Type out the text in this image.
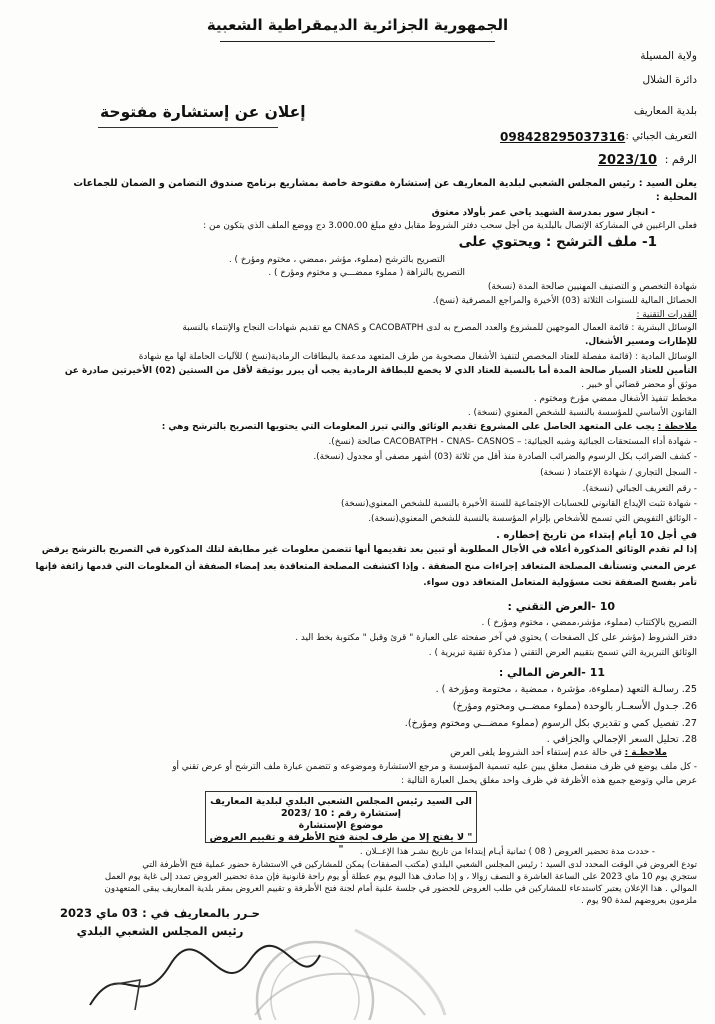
الجمهورية الجزائرية الديمقراطية الشعبية
ولاية المسيلة
دائرة الشلال
بلدية المعاريف
إعلان عن إستشارة مفتوحة
التعريف الجبائي :
098428295037316
الرقم :
2023/10
يعلن السيد : رئيس المجلس الشعبي لبلدية المعاريف عن إستشارة مفتوحة خاصة بمشاريع برنامج صندوق التضامن و الضمان للجماعات
المحلية :
- انجاز سور بمدرسة الشهيد ياحي عمر بأولاد معتوق
فعلى الراغبين في المشاركة الإتصال بالبلدية من أجل سحب دفتر الشروط مقابل دفع مبلغ 3.000.00 دج ووضع الملف الذي يتكون من :
1- ملف الترشح : ويحتوي على
التصريح بالترشح (مملوء، مؤشر ،ممضي ، مختوم ومؤرخ ) .
التصريح بالنزاهة ( مملوء ممضـــي و مختوم ومؤرخ ) .
شهادة التخصص و التصنيف المهنيين صالحة المدة (نسخة)
الحصائل المالية للسنوات الثلاثة (03) الأخيرة والمراجع المصرفية (نسخ).
القدرات التقنية :
الوسائل البشرية : قائمة العمال الموجهين للمشروع والعدد المصرح به لدى CACOBATPH و CNAS مع تقديم شهادات النجاح والإنتماء بالنسبة
للإطارات ومسير الأشغال.
الوسائل المادية : (قائمة مفصلة للعتاد المخصص لتنفيذ الأشغال مصحوبة من طرف المتعهد مدعمة بالبطاقات الرمادية(نسخ ) للآليات الحاملة لها مع شهادة
التأمين للعتاد السيار صالحة المدة أما بالنسبة للعتاد الذي لا يخضع للبطاقة الرمادية يجب أن يبرر بوثيقة لأقل من السنتين (02) الأخيرتين صادرة عن
موثق أو محضر قضائي أو خبير .
مخطط تنفيذ الأشغال ممضي مؤرخ ومختوم .
القانون الأساسي للمؤسسة بالنسبة للشخص المعنوي (نسخة) .
ملاحظة : يجب على المتعهد الحاصل على المشروع تقديم الوثائق والتي تبرز المعلومات التي يحتويها التصريح بالترشح وهي :
- شهادة أداء المستحقات الجبائية وشبه الجبائية: – CACOBATPH - CNAS- CASNOS صالحة (نسخ).
- كشف الضرائب بكل الرسوم والضرائب الصادرة منذ أقل من ثلاثة (03) أشهر مصفى أو مجدول (نسخة).
- السجل التجاري / شهادة الإعتماد ( نسخة)
- رقم التعريف الجبائي (نسخة).
- شهادة تثبت الإيداع القانوني للحسابات الإجتماعية للسنة الأخيرة بالنسبة للشخص المعنوي(نسخة)
- الوثائق التفويض التي تسمح للأشخاص بإلزام المؤسسة بالنسبة للشخص المعنوي(نسخة).
في أجل 10 أيام إبتداء من تاريخ إخطاره .
إذا لم تقدم الوثائق المذكورة أعلاه في الأجال المطلوبة أو تبين بعد تقديمها أنها تتضمن معلومات غير مطابقة لتلك المذكورة في التصريح بالترشح يرفض
عرض المعني وتستأنف المصلحة المتعاقد إجراءات منح الصفقة . وإذا اكتشفت المصلحة المتعاقدة بعد إمضاء الصفقة أن المعلومات التي قدمها زائفة فإنها
تأمر بفسخ الصفقة تحت مسؤولية المتعامل المتعاقد دون سواء.
10 -العرض التقني :
التصريح بالإكتتاب (مملوء، مؤشر،ممضي ، مختوم ومؤرخ ) .
دفتر الشروط (مؤشر على كل الصفحات ) يحتوي في آخر صفحته على العبارة " قرئ وقبل " مكتوبة بخط اليد .
الوثائق التبريرية التي تسمح بتقييم العرض التقني ( مذكرة تقنية تبريرية ) .
11 -العرض المالي :
25. رسالـة التعهد (مملوءة، مؤشرة ، ممضية ، مختومة ومؤرخة ) .
26. جـدول الأسعــار بالوحدة (مملوء ممضــي ومختوم ومؤرخ)
27. تفصيل كمي و تقديري بكل الرسوم (مملوء ممضـــي ومختوم ومؤرخ).
28. تحليل السعر الإجمالي والجزافي .
ملاحظـة : في حالة عدم إستفاء أحد الشروط يلغى العرض
- كل ملف يوضع في ظرف منفصل مغلق يبين عليه تسمية المؤسسة و مرجع الاستشارة وموضوعه و تتضمن عبارة ملف الترشح أو عرض تقني أو
عرض مالي وتوضع جميع هذه الأظرفة في ظرف واحد مغلق يحمل العبارة التالية :
الى السيد رئيس المجلس الشعبي البلدي لبلدية المعاريف
إستشارة رقم : 10 /2023
موضوع الإستشارة
" لا يفتح إلا من طرف لجنة فتح الأظرفة و تقييم العروض "	- حددت مدة تحضير العروض ( 08 ) ثمانية أيـام إبتداءا من تاريخ نشـر هذا الإعــلان .
تودع العروض في الوقت المحدد لدى السيد : رئيس المجلس الشعبي البلدي (مكتب الصفقات) يمكن للمشاركين في الاستشارة حضور عملية فتح الأظرفة التي
ستجري يوم 10 ماي 2023 على الساعة العاشرة و النصف زوالا ، و إذا صادف هذا اليوم يوم عطلة أو يوم راحة قانونية فإن مدة تحضير العروض تمدد إلى غاية يوم العمل
الموالي . هذا الإعلان يعتبر كاستدعاء للمشاركين في طلب العروض للحضور في جلسة علنية أمام لجنة فتح الأظرفة و تقييم العروض بمقر بلدية المعاريف يبقى المتعهدون
ملزمون بعروضهم لمدة 90 يوم .
حـرر بالمعاريف في : 03 ماي 2023
رئيس المجلس الشعبي البلدي
